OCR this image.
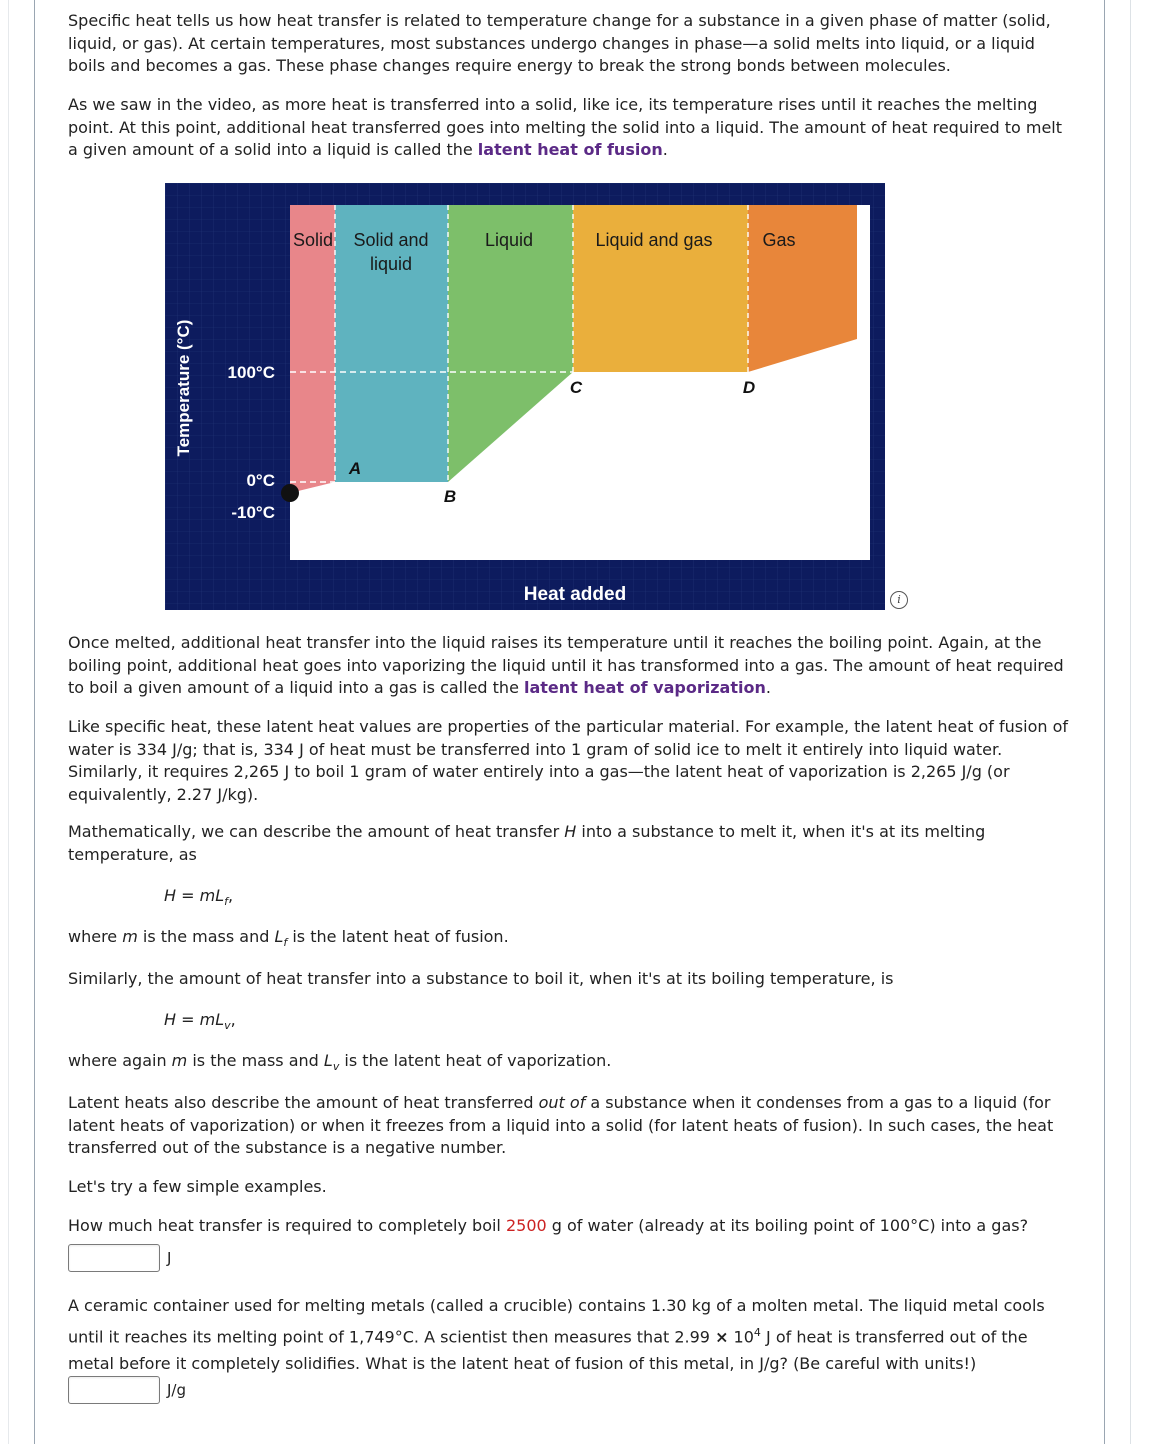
Specific heat tells us how heat transfer is related to temperature change for a substance in a given phase of matter (solid, liquid, or gas). At certain temperatures, most substances undergo changes in phase—a solid melts into liquid, or a liquid boils and becomes a gas. These phase changes require energy to break the strong bonds between molecules.

As we saw in the video, as more heat is transferred into a solid, like ice, its temperature rises until it reaches the melting point. At this point, additional heat transferred goes into melting the solid into a liquid. The amount of heat required to melt a given amount of a solid into a liquid is called the latent heat of fusion.

Once melted, additional heat transfer into the liquid raises its temperature until it reaches the boiling point. Again, at the boiling point, additional heat goes into vaporizing the liquid until it has transformed into a gas. The amount of heat required to boil a given amount of a liquid into a gas is called the latent heat of vaporization.

Like specific heat, these latent heat values are properties of the particular material. For example, the latent heat of fusion of water is 334 J/g; that is, 334 J of heat must be transferred into 1 gram of solid ice to melt it entirely into liquid water. Similarly, it requires 2,265 J to boil 1 gram of water entirely into a gas—the latent heat of vaporization is 2,265 J/g (or equivalently, 2.27 J/kg).

Mathematically, we can describe the amount of heat transfer H into a substance to melt it, when it's at its melting temperature, as

$H = mL_f$,

where m is the mass and $L_f$ is the latent heat of fusion.

Similarly, the amount of heat transfer into a substance to boil it, when it's at its boiling temperature, is

$H = mL_v$,

where again m is the mass and $L_v$ is the latent heat of vaporization.

Latent heats also describe the amount of heat transferred out of a substance when it condenses from a gas to a liquid (for latent heats of vaporization) or when it freezes from a liquid into a solid (for latent heats of fusion). In such cases, the heat transferred out of the substance is a negative number.

Let's try a few simple examples.

How much heat transfer is required to completely boil 2500 g of water (already at its boiling point of 100°C) into a gas?

J

A ceramic container used for melting metals (called a crucible) contains 1.30 kg of a molten metal. The liquid metal cools until it reaches its melting point of 1,749°C. A scientist then measures that $2.99 \times 10^4$ J of heat is transferred out of the metal before it completely solidifies. What is the latent heat of fusion of this metal, in J/g? (Be careful with units!)

J/g
Solid Solid and
liquid
Liquid	Liquid and gas	Gas
A
B
C	D
100°C
0°C
-10°C
Temperature (°C)
Heat added	i
